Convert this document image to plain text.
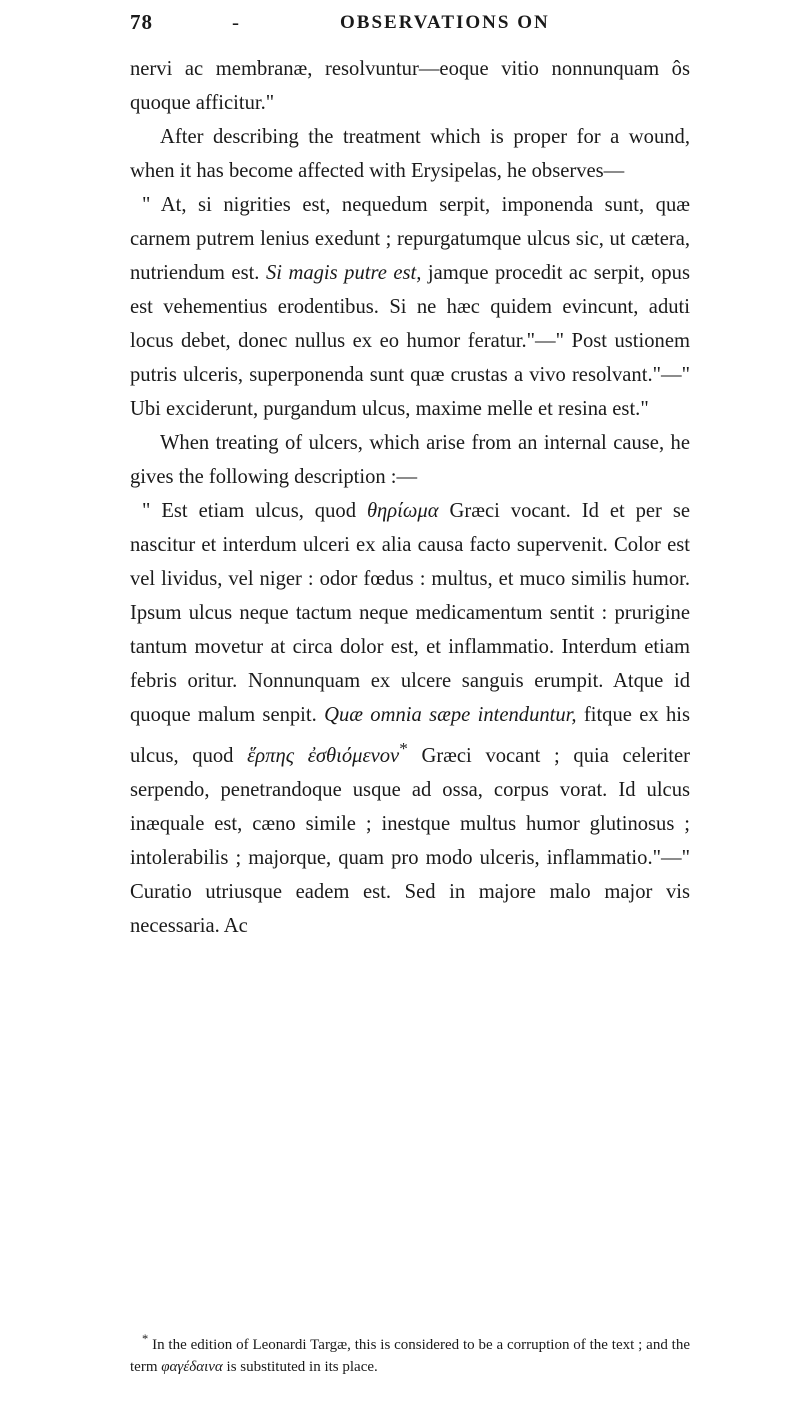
78	-	OBSERVATIONS ON

nervi ac membranæ, resolvuntur—eoque vitio nonnunquam ôs quoque afficitur."

After describing the treatment which is proper for a wound, when it has become affected with Erysipelas, he observes—

" At, si nigrities est, nequedum serpit, imponenda sunt, quæ carnem putrem lenius exedunt ; repurgatumque ulcus sic, ut cætera, nutriendum est. Si magis putre est, jamque procedit ac serpit, opus est vehementius erodentibus. Si ne hæc quidem evincunt, aduti locus debet, donec nullus ex eo humor feratur."—" Post ustionem putris ulceris, superponenda sunt quæ crustas a vivo resolvant."—" Ubi exciderunt, purgandum ulcus, maxime melle et resina est."

When treating of ulcers, which arise from an internal cause, he gives the following description :—

" Est etiam ulcus, quod θηρίωμα Græci vocant. Id et per se nascitur et interdum ulceri ex alia causa facto supervenit. Color est vel lividus, vel niger : odor fœdus : multus, et muco similis humor. Ipsum ulcus neque tactum neque medicamentum sentit : prurigine tantum movetur at circa dolor est, et inflammatio. Interdum etiam febris oritur. Nonnunquam ex ulcere sanguis erumpit. Atque id quoque malum senpit. Quæ omnia sæpe intenduntur, fitque ex his ulcus, quod ἕρπης ἐσθιόμενον* Græci vocant ; quia celeriter serpendo, penetrandoque usque ad ossa, corpus vorat. Id ulcus inæquale est, cæno simile ; inestque multus humor glutinosus ; intolerabilis ; majorque, quam pro modo ulceris, inflammatio."—" Curatio utriusque eadem est. Sed in majore malo major vis necessaria. Ac

* In the edition of Leonardi Targæ, this is considered to be a corruption of the text ; and the term φαγέδαινα is substituted in its place.
